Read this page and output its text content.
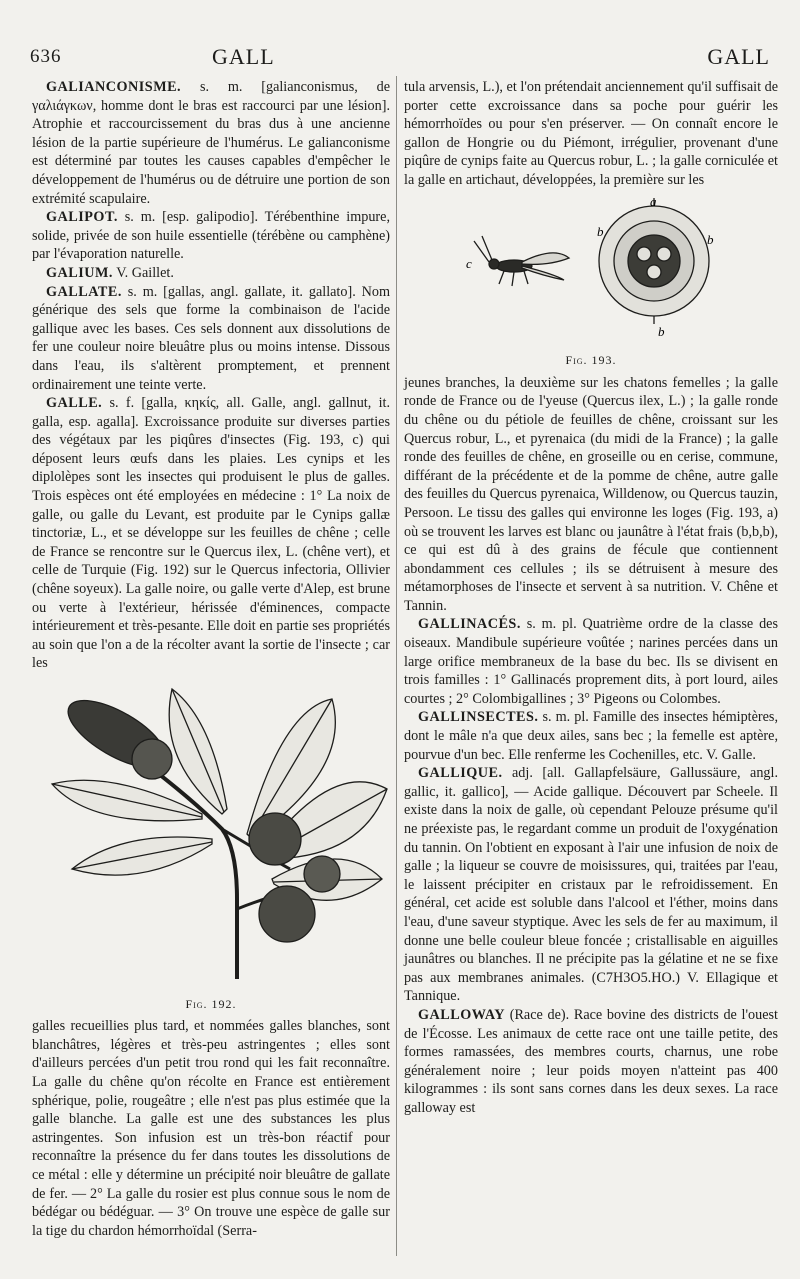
636	GALL	GALL

GALIANCONISME. s. m. [galianconismus, de γαλιάγκων, homme dont le bras est raccourci par une lésion]. Atrophie et raccourcissement du bras dus à une ancienne lésion de la partie supérieure de l'humérus. Le galianconisme est déterminé par toutes les causes capables d'empêcher le développement de l'humérus ou de détruire une portion de son extrémité scapulaire.

GALIPOT. s. m. [esp. galipodio]. Térébenthine impure, solide, privée de son huile essentielle (térébène ou camphène) par l'évaporation naturelle.

GALIUM. V. Gaillet.

GALLATE. s. m. [gallas, angl. gallate, it. gallato]. Nom générique des sels que forme la combinaison de l'acide gallique avec les bases. Ces sels donnent aux dissolutions de fer une couleur noire bleuâtre plus ou moins intense. Dissous dans l'eau, ils s'altèrent promptement, et prennent ordinairement une teinte verte.

GALLE. s. f. [galla, κηκίς, all. Galle, angl. gallnut, it. galla, esp. agalla]. Excroissance produite sur diverses parties des végétaux par les piqûres d'insectes (Fig. 193, c) qui déposent leurs œufs dans les plaies. Les cynips et les diplolèpes sont les insectes qui produisent le plus de galles. Trois espèces ont été employées en médecine : 1° La noix de galle, ou galle du Levant, est produite par le Cynips gallæ tinctoriæ, L., et se développe sur les feuilles de chêne ; celle de France se rencontre sur le Quercus ilex, L. (chêne vert), et celle de Turquie (Fig. 192) sur le Quercus infectoria, Ollivier (chêne soyeux). La galle noire, ou galle verte d'Alep, est brune ou verte à l'extérieur, hérissée d'éminences, compacte intérieurement et très-pesante. Elle doit en partie ses propriétés au soin que l'on a de la récolter avant la sortie de l'insecte ; car les

Fig. 192.

galles recueillies plus tard, et nommées galles blanches, sont blanchâtres, légères et très-peu astringentes ; elles sont d'ailleurs percées d'un petit trou rond qui les fait reconnaître. La galle du chêne qu'on récolte en France est entièrement sphérique, polie, rougeâtre ; elle n'est pas plus estimée que la galle blanche. La galle est une des substances les plus astringentes. Son infusion est un très-bon réactif pour reconnaître la présence du fer dans toutes les dissolutions de ce métal : elle y détermine un précipité noir bleuâtre de gallate de fer. — 2° La galle du rosier est plus connue sous le nom de bédégar ou bédéguar. — 3° On trouve une espèce de galle sur la tige du chardon hémorrhoïdal (Serra-

tula arvensis, L.), et l'on prétendait anciennement qu'il suffisait de porter cette excroissance dans sa poche pour guérir les hémorrhoïdes ou pour s'en préserver. — On connaît encore le gallon de Hongrie ou du Piémont, irrégulier, provenant d'une piqûre de cynips faite au Quercus robur, L. ; la galle corniculée et la galle en artichaut, développées, la première sur les

c
a
b
b
b
Fig. 193.

jeunes branches, la deuxième sur les chatons femelles ; la galle ronde de France ou de l'yeuse (Quercus ilex, L.) ; la galle ronde du chêne ou du pétiole de feuilles de chêne, croissant sur les Quercus robur, L., et pyrenaica (du midi de la France) ; la galle ronde des feuilles de chêne, en groseille ou en cerise, commune, différant de la précédente et de la pomme de chêne, autre galle des feuilles du Quercus pyrenaica, Willdenow, ou Quercus tauzin, Persoon. Le tissu des galles qui environne les loges (Fig. 193, a) où se trouvent les larves est blanc ou jaunâtre à l'état frais (b,b,b), ce qui est dû à des grains de fécule que contiennent abondamment ces cellules ; ils se détruisent à mesure des métamorphoses de l'insecte et servent à sa nutrition. V. Chêne et Tannin.

GALLINACÉS. s. m. pl. Quatrième ordre de la classe des oiseaux. Mandibule supérieure voûtée ; narines percées dans un large orifice membraneux de la base du bec. Ils se divisent en trois familles : 1° Gallinacés proprement dits, à port lourd, ailes courtes ; 2° Colombigallines ; 3° Pigeons ou Colombes.

GALLINSECTES. s. m. pl. Famille des insectes hémiptères, dont le mâle n'a que deux ailes, sans bec ; la femelle est aptère, pourvue d'un bec. Elle renferme les Cochenilles, etc. V. Galle.

GALLIQUE. adj. [all. Gallapfelsäure, Gallussäure, angl. gallic, it. gallico], — Acide gallique. Découvert par Scheele. Il existe dans la noix de galle, où cependant Pelouze présume qu'il ne préexiste pas, le regardant comme un produit de l'oxygénation du tannin. On l'obtient en exposant à l'air une infusion de noix de galle ; la liqueur se couvre de moisissures, qui, traitées par l'eau, le laissent précipiter en cristaux par le refroidissement. En général, cet acide est soluble dans l'alcool et l'éther, moins dans l'eau, d'une saveur styptique. Avec les sels de fer au maximum, il donne une belle couleur bleue foncée ; cristallisable en aiguilles jaunâtres ou blanches. Il ne précipite pas la gélatine et ne se fixe pas aux membranes animales. (C7H3O5.HO.) V. Ellagique et Tannique.

GALLOWAY (Race de). Race bovine des districts de l'ouest de l'Écosse. Les animaux de cette race ont une taille petite, des formes ramassées, des membres courts, charnus, une robe généralement noire ; leur poids moyen n'atteint pas 400 kilogrammes : ils sont sans cornes dans les deux sexes. La race galloway est
